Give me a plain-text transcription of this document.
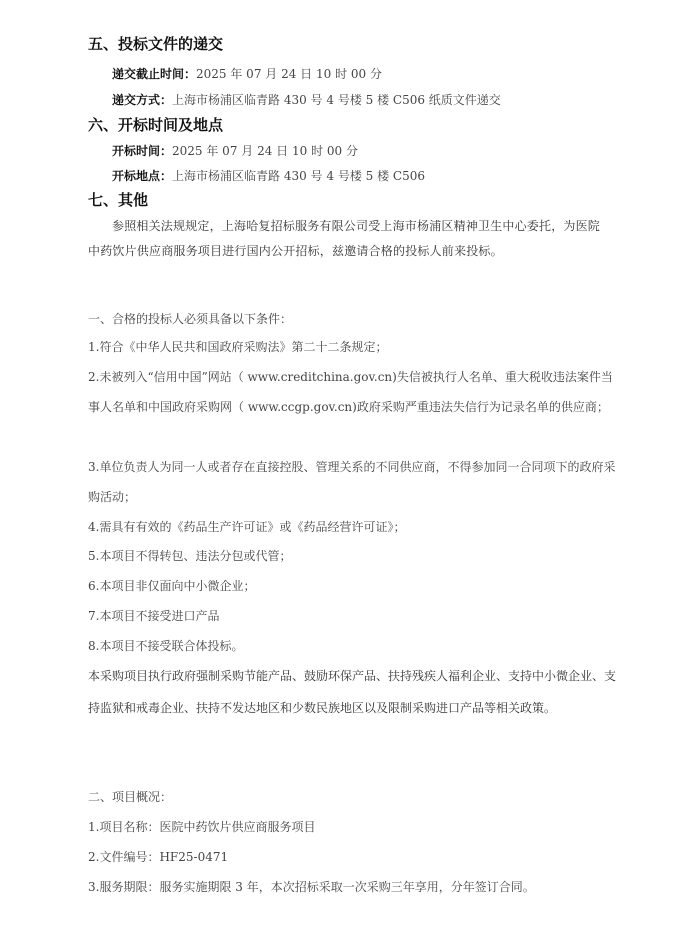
五、投标文件的递交
递交截止时间：2025 年 07 月 24 日 10 时 00 分
递交方式：上海市杨浦区临青路 430 号 4 号楼 5 楼 C506 纸质文件递交
六、开标时间及地点
开标时间：2025 年 07 月 24 日 10 时 00 分
开标地点：上海市杨浦区临青路 430 号 4 号楼 5 楼 C506
七、其他
参照相关法规规定，上海哈复招标服务有限公司受上海市杨浦区精神卫生中心委托，为医院中药饮片供应商服务项目进行国内公开招标，兹邀请合格的投标人前来投标。
一、合格的投标人必须具备以下条件：
1.符合《中华人民共和国政府采购法》第二十二条规定；
2.未被列入“信用中国”网站（ www.creditchina.gov.cn)失信被执行人名单、重大税收违法案件当事人名单和中国政府采购网（ www.ccgp.gov.cn)政府采购严重违法失信行为记录名单的供应商；
3.单位负责人为同一人或者存在直接控股、管理关系的不同供应商，不得参加同一合同项下的政府采购活动；
4.需具有有效的《药品生产许可证》或《药品经营许可证》；
5.本项目不得转包、违法分包或代管；
6.本项目非仅面向中小微企业；
7.本项目不接受进口产品
8.本项目不接受联合体投标。
本采购项目执行政府强制采购节能产品、鼓励环保产品、扶持残疾人福利企业、支持中小微企业、支持监狱和戒毒企业、扶持不发达地区和少数民族地区以及限制采购进口产品等相关政策。
二、项目概况：
1.项目名称：医院中药饮片供应商服务项目
2.文件编号：HF25-0471
3.服务期限：服务实施期限 3 年，本次招标采取一次采购三年享用，分年签订合同。
